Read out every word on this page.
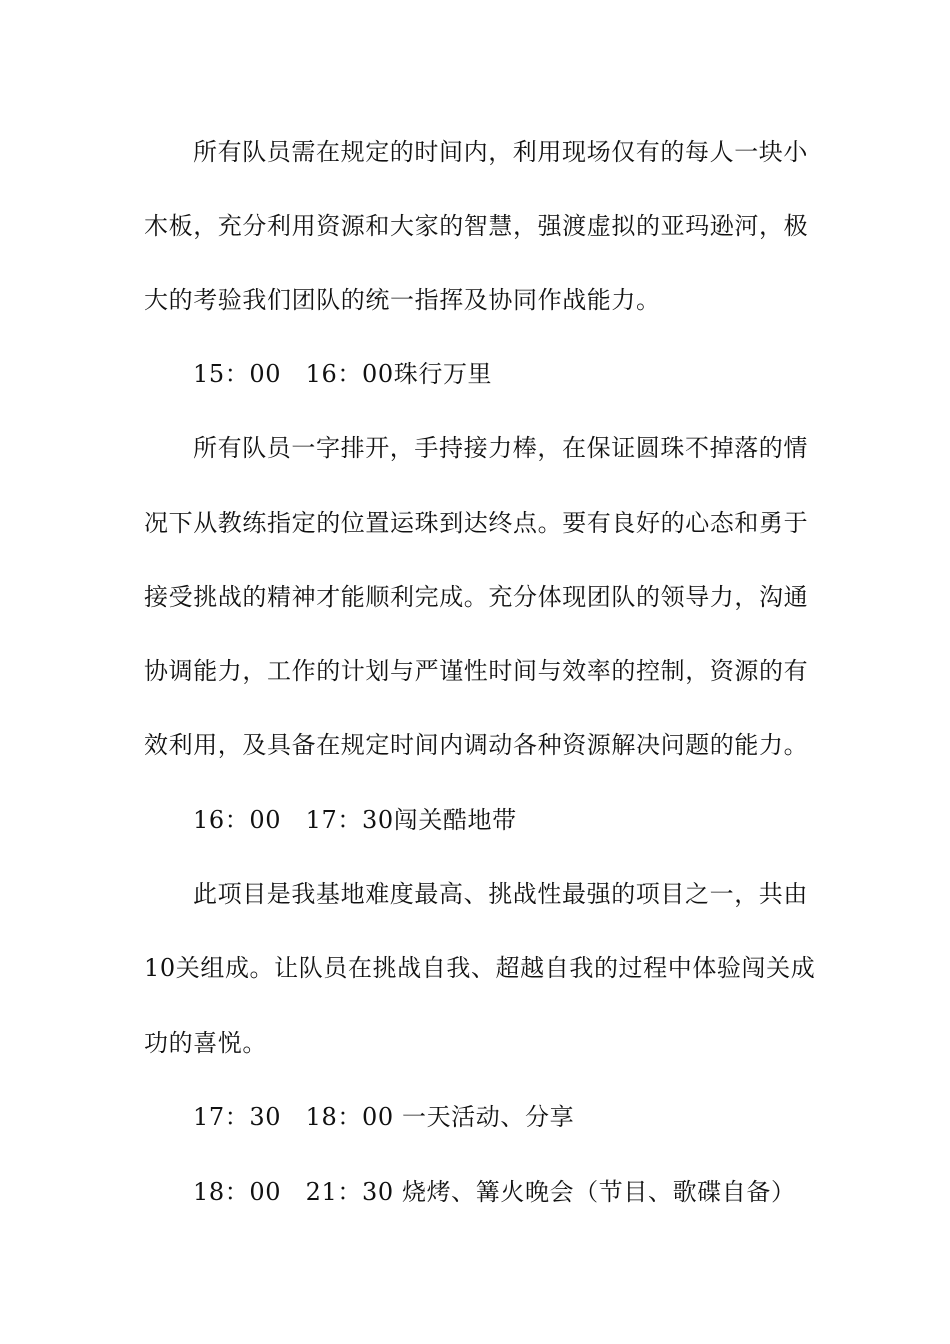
所有队员需在规定的时间内，利用现场仅有的每人一块小
木板，充分利用资源和大家的智慧，强渡虚拟的亚玛逊河，极
大的考验我们团队的统一指挥及协同作战能力。
15：00　16：00珠行万里
所有队员一字排开，手持接力棒，在保证圆珠不掉落的情
况下从教练指定的位置运珠到达终点。要有良好的心态和勇于
接受挑战的精神才能顺利完成。充分体现团队的领导力，沟通
协调能力，工作的计划与严谨性时间与效率的控制，资源的有
效利用，及具备在规定时间内调动各种资源解决问题的能力。
16：00　17：30闯关酷地带
此项目是我基地难度最高、挑战性最强的项目之一，共由
10关组成。让队员在挑战自我、超越自我的过程中体验闯关成
功的喜悦。
17：30　18：00 一天活动、分享
18：00　21：30 烧烤、篝火晚会（节目、歌碟自备）
